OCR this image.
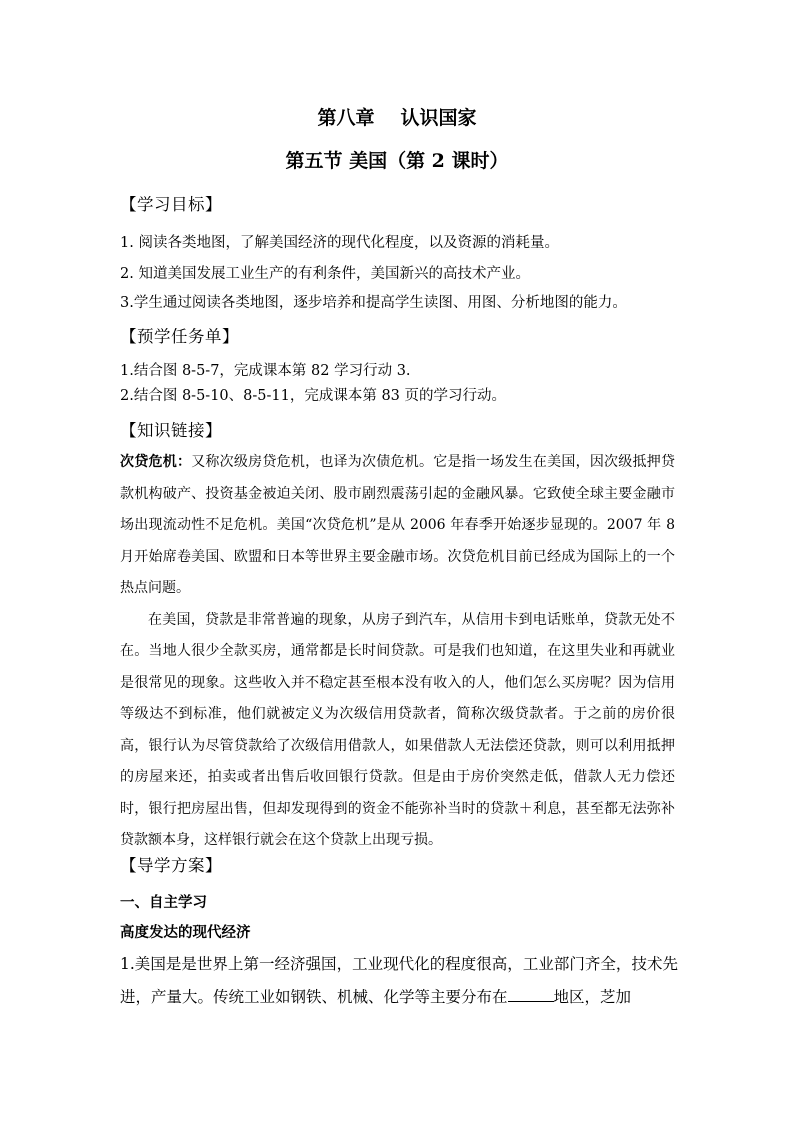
第八章 认识国家
第五节 美国（第 2 课时）
【学习目标】
1. 阅读各类地图，了解美国经济的现代化程度，以及资源的消耗量。
2. 知道美国发展工业生产的有利条件，美国新兴的高技术产业。
3.学生通过阅读各类地图，逐步培养和提高学生读图、用图、分析地图的能力。
【预学任务单】
1.结合图 8-5-7，完成课本第 82 学习行动 3.
2.结合图 8-5-10、8-5-11，完成课本第 83 页的学习行动。
【知识链接】

次贷危机：又称次级房贷危机，也译为次债危机。它是指一场发生在美国，因次级抵押贷款机构破产、投资基金被迫关闭、股市剧烈震荡引起的金融风暴。它致使全球主要金融市场出现流动性不足危机。美国“次贷危机”是从 2006 年春季开始逐步显现的。2007 年 8 月开始席卷美国、欧盟和日本等世界主要金融市场。次贷危机目前已经成为国际上的一个热点问题。

在美国，贷款是非常普遍的现象，从房子到汽车，从信用卡到电话账单，贷款无处不在。当地人很少全款买房，通常都是长时间贷款。可是我们也知道，在这里失业和再就业是很常见的现象。这些收入并不稳定甚至根本没有收入的人，他们怎么买房呢？因为信用等级达不到标准，他们就被定义为次级信用贷款者，简称次级贷款者。于之前的房价很高，银行认为尽管贷款给了次级信用借款人，如果借款人无法偿还贷款，则可以利用抵押的房屋来还，拍卖或者出售后收回银行贷款。但是由于房价突然走低，借款人无力偿还时，银行把房屋出售，但却发现得到的资金不能弥补当时的贷款＋利息，甚至都无法弥补贷款额本身，这样银行就会在这个贷款上出现亏损。

【导学方案】
一、自主学习
高度发达的现代经济
1.美国是是世界上第一经济强国，工业现代化的程度很高，工业部门齐全，技术先进，产量大。传统工业如钢铁、机械、化学等主要分布在	地区，芝加
